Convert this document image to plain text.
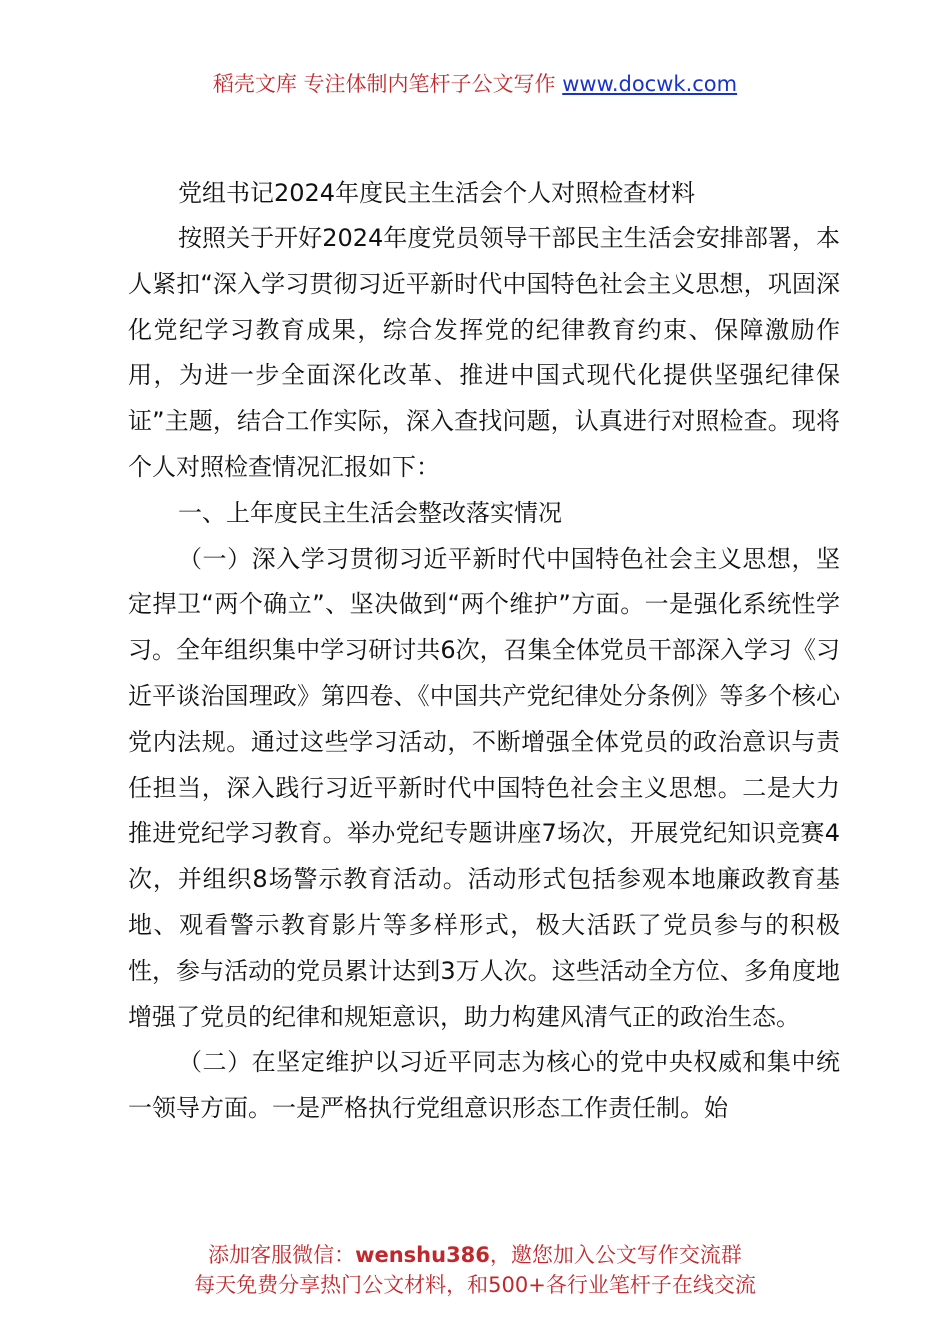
稻壳文库 专注体制内笔杆子公文写作 www.docwk.com

党组书记2024年度民主生活会个人对照检查材料

按照关于开好2024年度党员领导干部民主生活会安排部署，本人紧扣“深入学习贯彻习近平新时代中国特色社会主义思想，巩固深化党纪学习教育成果，综合发挥党的纪律教育约束、保障激励作用，为进一步全面深化改革、推进中国式现代化提供坚强纪律保证”主题，结合工作实际，深入查找问题，认真进行对照检查。现将个人对照检查情况汇报如下：

一、上年度民主生活会整改落实情况

（一）深入学习贯彻习近平新时代中国特色社会主义思想，坚定捍卫“两个确立”、坚决做到“两个维护”方面。一是强化系统性学习。全年组织集中学习研讨共6次，召集全体党员干部深入学习《习近平谈治国理政》第四卷、《中国共产党纪律处分条例》等多个核心党内法规。通过这些学习活动，不断增强全体党员的政治意识与责任担当，深入践行习近平新时代中国特色社会主义思想。二是大力推进党纪学习教育。举办党纪专题讲座7场次，开展党纪知识竞赛4次，并组织8场警示教育活动。活动形式包括参观本地廉政教育基地、观看警示教育影片等多样形式，极大活跃了党员参与的积极性，参与活动的党员累计达到3万人次。这些活动全方位、多角度地增强了党员的纪律和规矩意识，助力构建风清气正的政治生态。

（二）在坚定维护以习近平同志为核心的党中央权威和集中统一领导方面。一是严格执行党组意识形态工作责任制。始

添加客服微信：wenshu386，邀您加入公文写作交流群
每天免费分享热门公文材料，和500+各行业笔杆子在线交流
